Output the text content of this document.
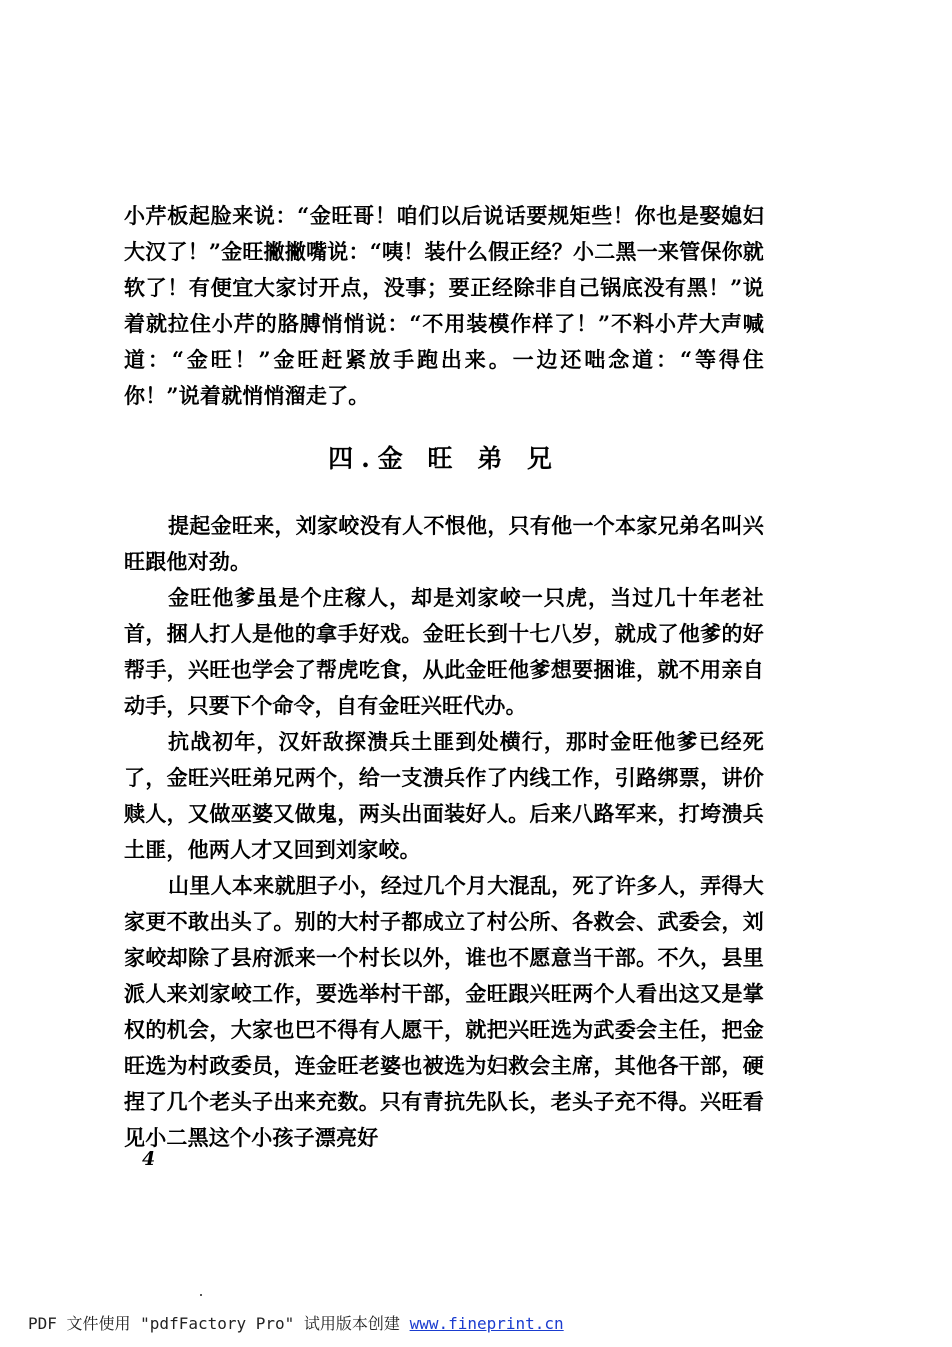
小芹板起脸来说：“金旺哥！咱们以后说话要规矩些！你也是娶媳妇大汉了！”金旺撇撇嘴说：“咦！装什么假正经？小二黑一来管保你就软了！有便宜大家讨开点，没事；要正经除非自己锅底没有黑！”说着就拉住小芹的胳膊悄悄说：“不用装模作样了！”不料小芹大声喊道：“金旺！”金旺赶紧放手跑出来。一边还咄念道：“等得住你！”说着就悄悄溜走了。

四.金 旺 弟 兄

提起金旺来，刘家峧没有人不恨他，只有他一个本家兄弟名叫兴旺跟他对劲。

金旺他爹虽是个庄稼人，却是刘家峧一只虎，当过几十年老社首，捆人打人是他的拿手好戏。金旺长到十七八岁，就成了他爹的好帮手，兴旺也学会了帮虎吃食，从此金旺他爹想要捆谁，就不用亲自动手，只要下个命令，自有金旺兴旺代办。

抗战初年，汉奸敌探溃兵土匪到处横行，那时金旺他爹已经死了，金旺兴旺弟兄两个，给一支溃兵作了内线工作，引路绑票，讲价赎人，又做巫婆又做鬼，两头出面装好人。后来八路军来，打垮溃兵土匪，他两人才又回到刘家峧。

山里人本来就胆子小，经过几个月大混乱，死了许多人，弄得大家更不敢出头了。别的大村子都成立了村公所、各救会、武委会，刘家峧却除了县府派来一个村长以外，谁也不愿意当干部。不久，县里派人来刘家峧工作，要选举村干部，金旺跟兴旺两个人看出这又是掌权的机会，大家也巴不得有人愿干，就把兴旺选为武委会主任，把金旺选为村政委员，连金旺老婆也被选为妇救会主席，其他各干部，硬捏了几个老头子出来充数。只有青抗先队长，老头子充不得。兴旺看见小二黑这个小孩子漂亮好

4
PDF 文件使用 "pdfFactory Pro" 试用版本创建 www.fineprint.cn
